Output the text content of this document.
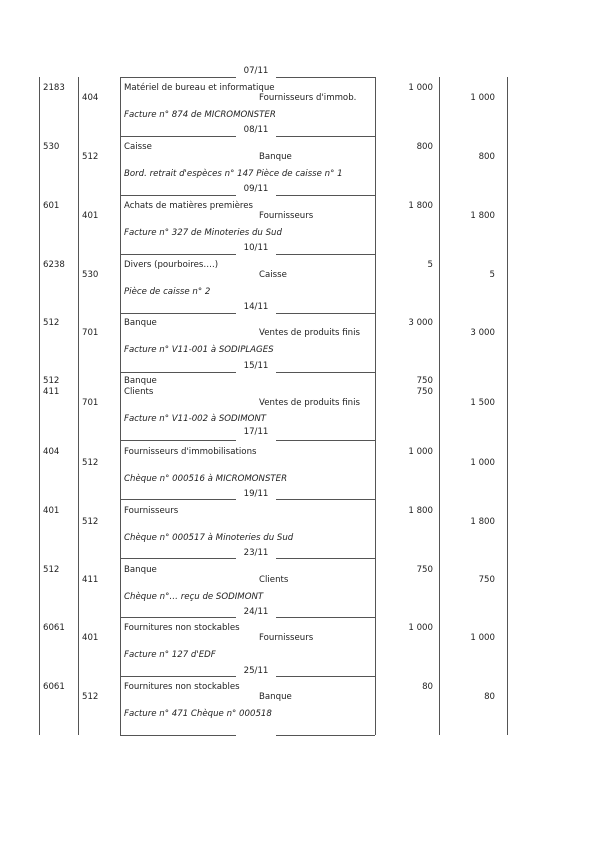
07/11
2183	Matériel de bureau et informatique	1 000
404	Fournisseurs d'immob.	1 000
Facture n° 874 de MICROMONSTER
08/11
530	Caisse	800
512	Banque	800
Bord. retrait d'espèces n° 147 Pièce de caisse n° 1
09/11
601	Achats de matières premières	1 800
401	Fournisseurs	1 800
Facture n° 327 de Minoteries du Sud
10/11
6238	Divers (pourboires….)	5
530	Caisse	5
Pièce de caisse n° 2
14/11
512	Banque	3 000
701	Ventes de produits finis	3 000
Facture n° V11-001 à SODIPLAGES
15/11
512	Banque	750
411	Clients	750
701	Ventes de produits finis	1 500
Facture n° V11-002 à SODIMONT
17/11
404	Fournisseurs d'immobilisations	1 000
512	1 000
Chèque n° 000516 à MICROMONSTER
19/11
401	Fournisseurs	1 800
512	1 800
Chèque n° 000517 à Minoteries du Sud
23/11
512	Banque	750
411	Clients	750
Chèque n°… reçu de SODIMONT
24/11
6061	Fournitures non stockables	1 000
401	Fournisseurs	1 000
Facture n° 127 d'EDF
25/11
6061	Fournitures non stockables	80
512	Banque	80
Facture n° 471 Chèque n° 000518
